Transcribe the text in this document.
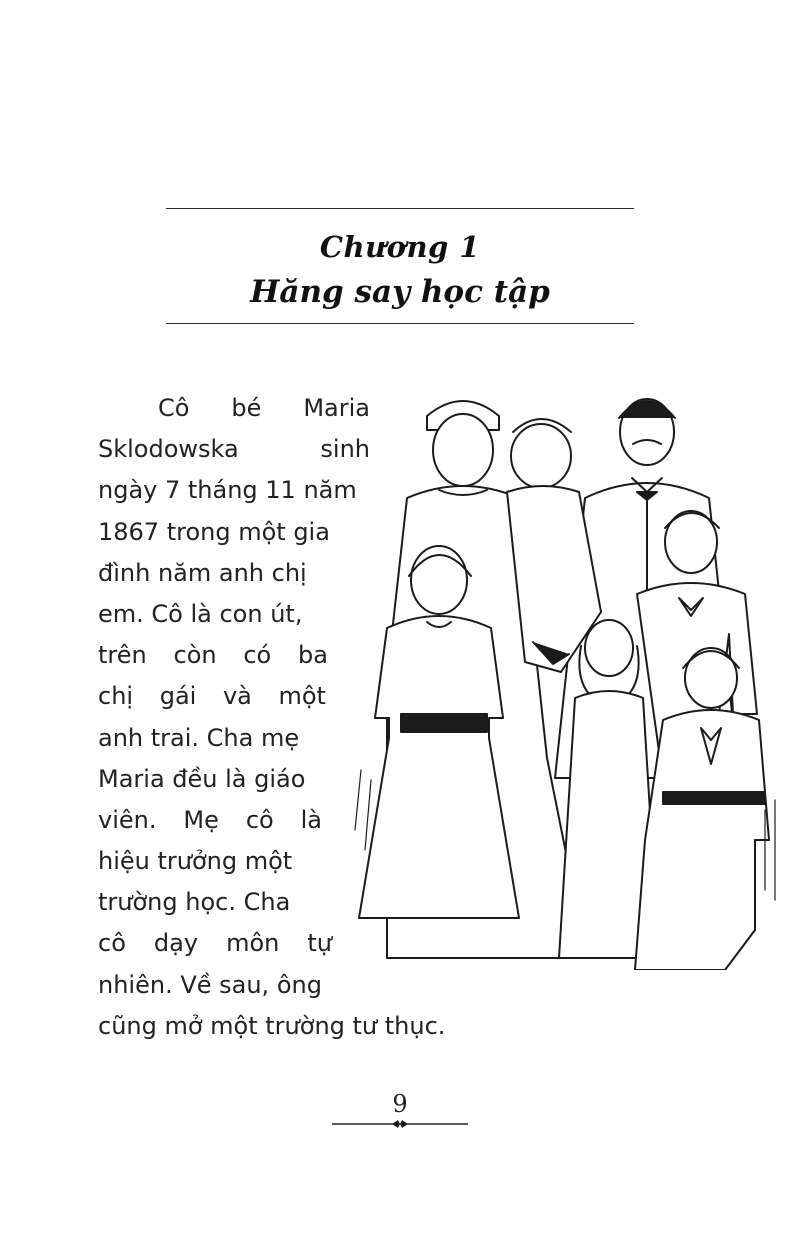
Chương 1
Hăng say học tập
Cô bé Maria
Sklodowska	sinh
ngày 7 tháng 11 năm
1867 trong một gia
đình năm anh chị
em. Cô là con út,
trên còn có ba
chị gái và một
anh trai. Cha mẹ
Maria đều là giáo
viên. Mẹ cô là
hiệu trưởng một
trường học. Cha
cô dạy môn tự
nhiên. Về sau, ông
cũng mở một trường tư thục.
9
